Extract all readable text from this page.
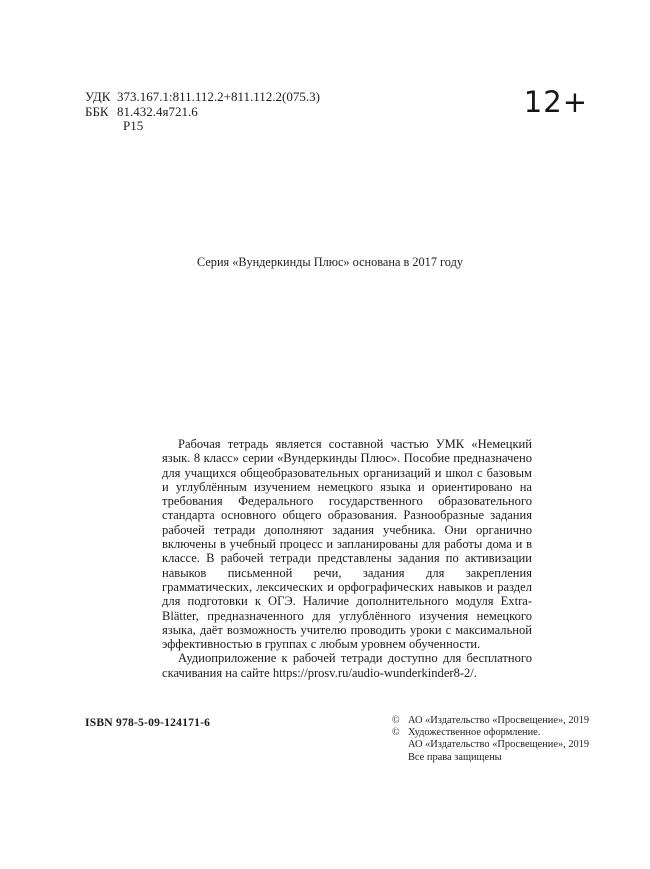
УДК 373.167.1:811.112.2+811.112.2(075.3)
ББК 81.432.4я721.6
Р15
12+
Серия «Вундеркинды Плюс» основана в 2017 году

Рабочая тетрадь является составной частью УМК «Немецкий язык. 8 класс» серии «Вундеркинды Плюс». Пособие предназначено для учащихся общеобразовательных организаций и школ с базовым и углублённым изучением немецкого языка и ориентировано на требования Федерального государственного образовательного стандарта основного общего образования. Разнообразные задания рабочей тетради дополняют задания учебника. Они органично включены в учебный процесс и запланированы для работы дома и в классе. В рабочей тетради представлены задания по активизации навыков письменной речи, задания для закрепления грамматических, лексических и орфографических навыков и раздел для подготовки к ОГЭ. Наличие дополнительного модуля Extra-Blätter, предназначенного для углублённого изучения немецкого языка, даёт возможность учителю проводить уроки с максимальной эффективностью в группах с любым уровнем обученности.

Аудиоприложение к рабочей тетради доступно для бесплатного скачивания на сайте https://prosv.ru/audio-wunderkinder8-2/.

ISBN 978-5-09-124171-6	© АО «Издательство «Просвещение», 2019
© Художественное оформление.
АО «Издательство «Просвещение», 2019
Все права защищены
